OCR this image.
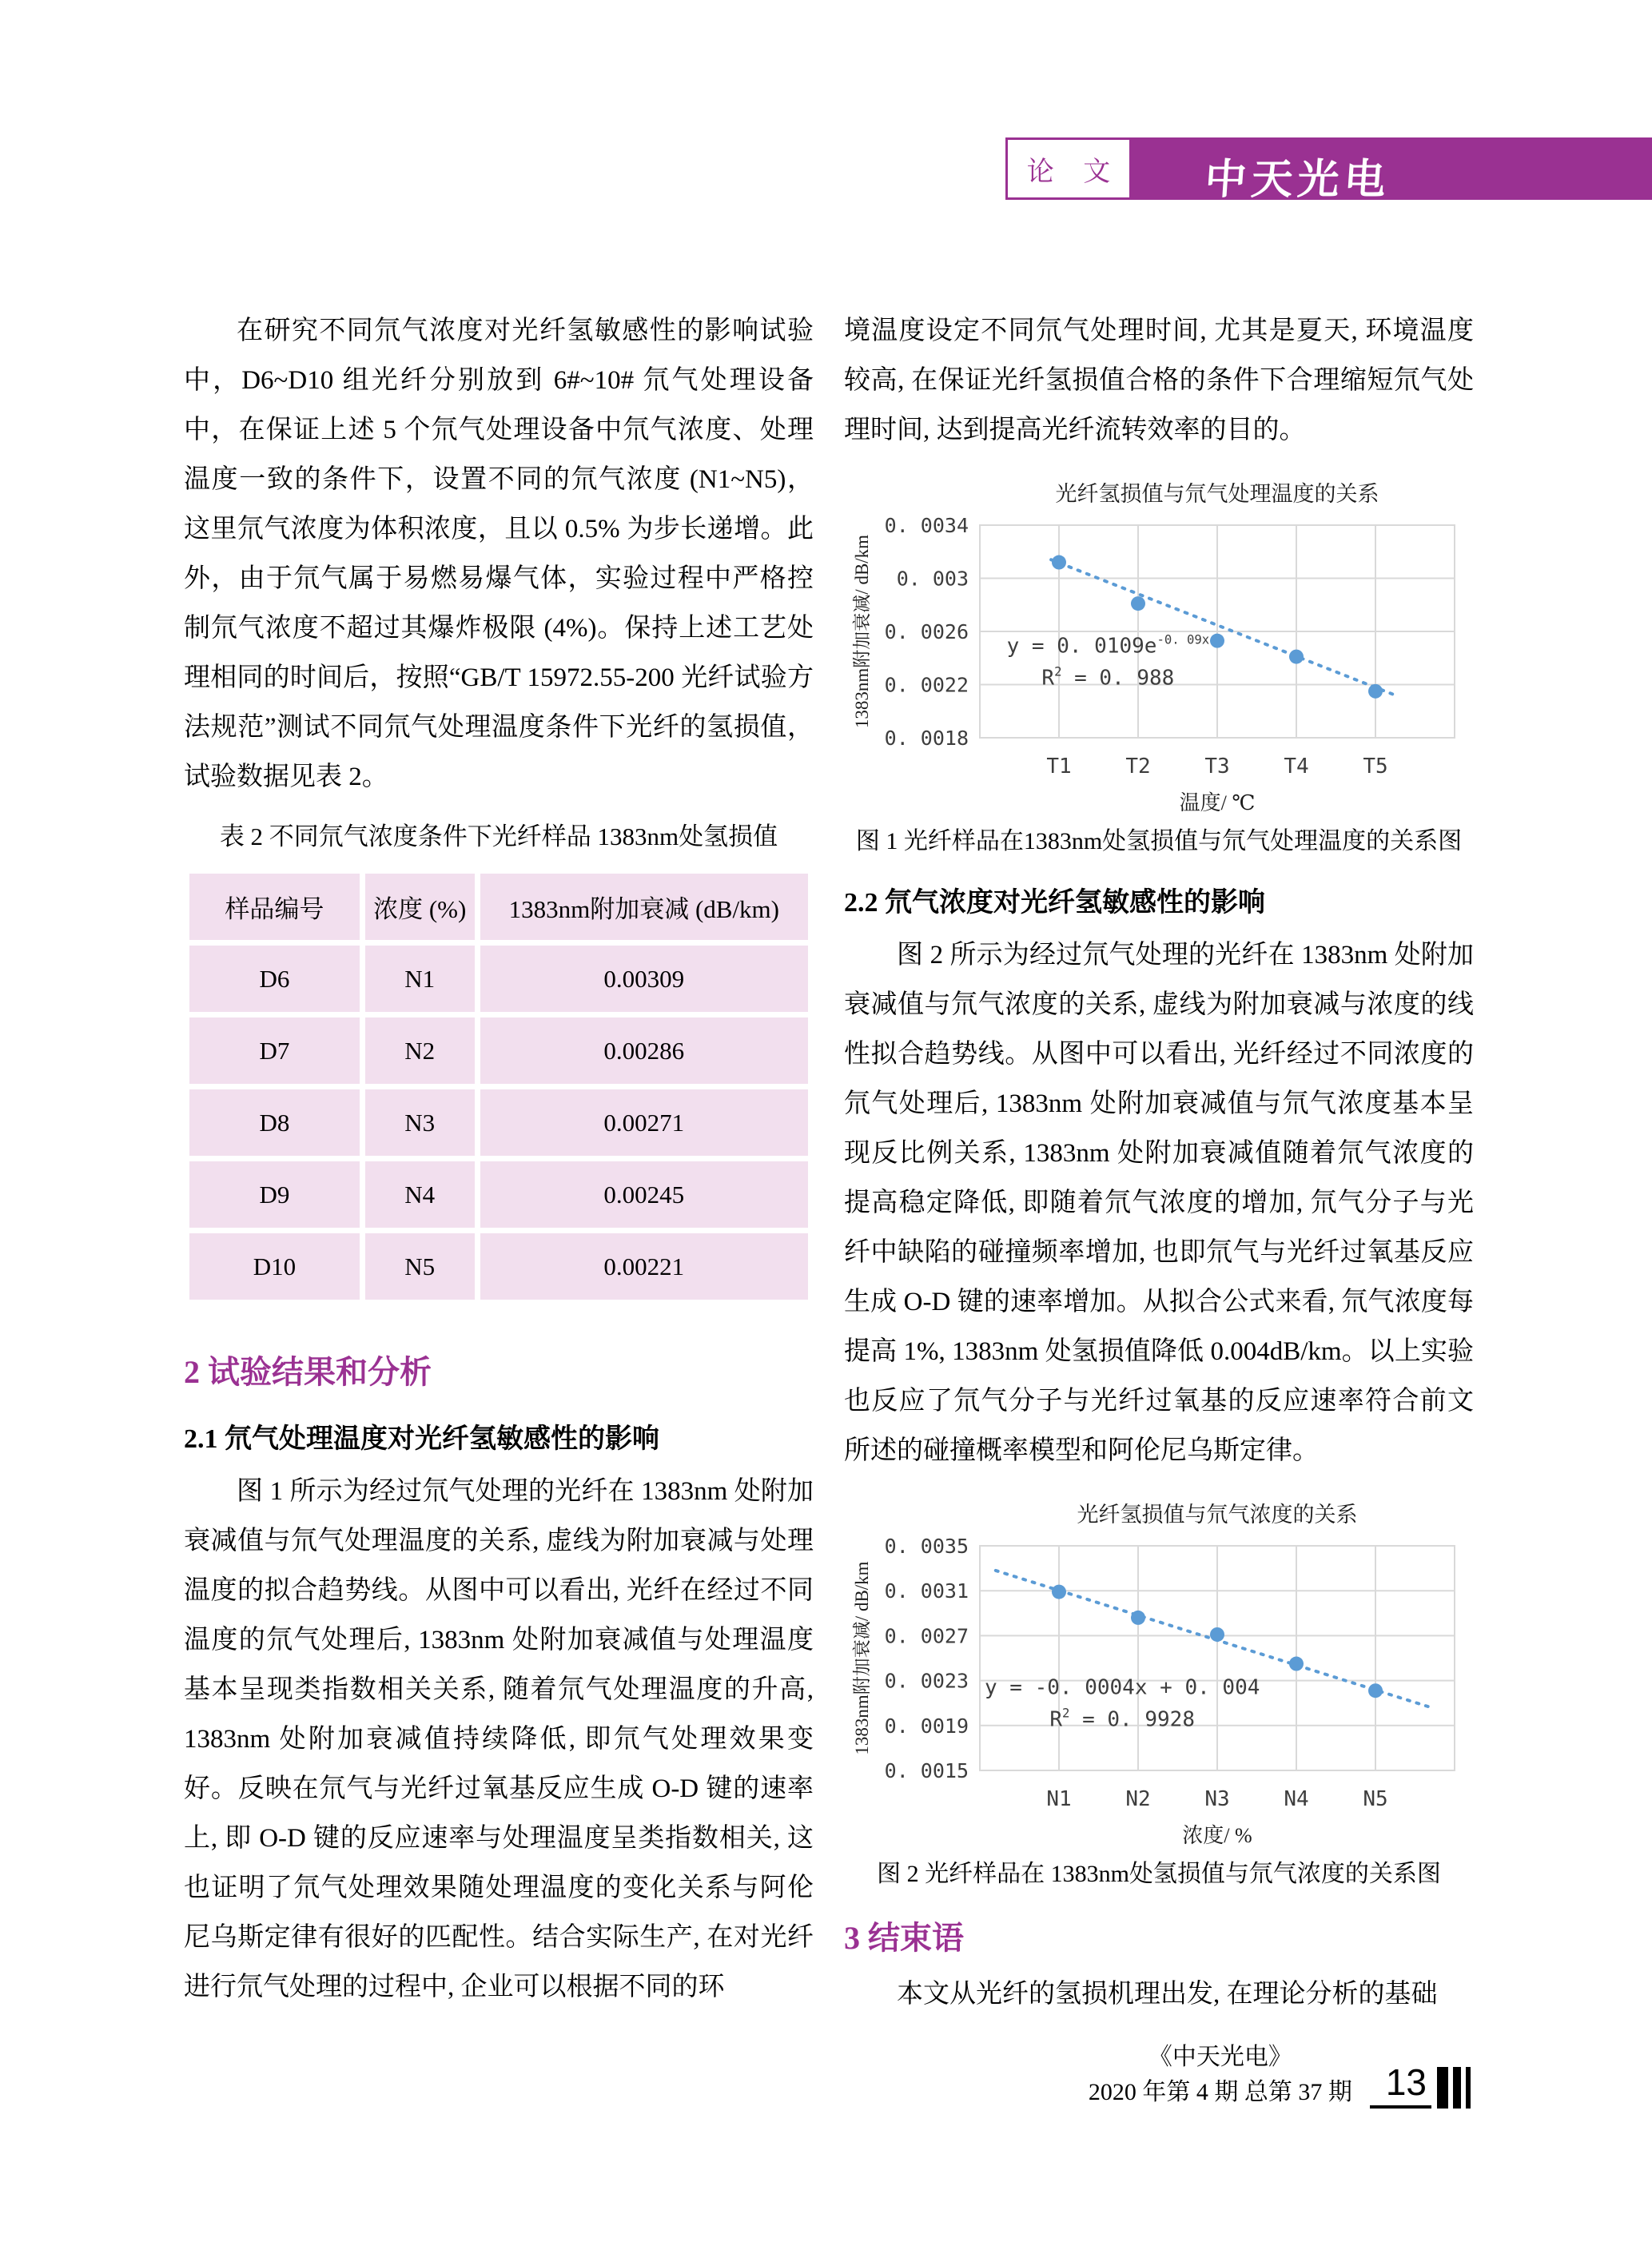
论 文 中天光电

在研究不同氘气浓度对光纤氢敏感性的影响试验中，D6~D10 组光纤分别放到 6#~10# 氘气处理设备中，在保证上述 5 个氘气处理设备中氘气浓度、处理温度一致的条件下，设置不同的氘气浓度 (N1~N5)，这里氘气浓度为体积浓度，且以 0.5% 为步长递增。此外，由于氘气属于易燃易爆气体，实验过程中严格控制氘气浓度不超过其爆炸极限 (4%)。保持上述工艺处理相同的时间后，按照“GB/T 15972.55-200 光纤试验方法规范”测试不同氘气处理温度条件下光纤的氢损值，试验数据见表 2。

表 2 不同氘气浓度条件下光纤样品 1383nm处氢损值
样品编号	浓度 (%)	1383nm附加衰减 (dB/km)
D6	N1	0.00309
D7	N2	0.00286
D8	N3	0.00271
D9	N4	0.00245
D10	N5	0.00221
2 试验结果和分析
2.1 氘气处理温度对光纤氢敏感性的影响

图 1 所示为经过氘气处理的光纤在 1383nm 处附加衰减值与氘气处理温度的关系, 虚线为附加衰减与处理温度的拟合趋势线。从图中可以看出, 光纤在经过不同温度的氘气处理后, 1383nm 处附加衰减值与处理温度基本呈现类指数相关关系, 随着氘气处理温度的升高, 1383nm 处附加衰减值持续降低, 即氘气处理效果变好。反映在氘气与光纤过氧基反应生成 O-D 键的速率上, 即 O-D 键的反应速率与处理温度呈类指数相关, 这也证明了氘气处理效果随处理温度的变化关系与阿伦尼乌斯定律有很好的匹配性。结合实际生产, 在对光纤进行氘气处理的过程中, 企业可以根据不同的环

境温度设定不同氘气处理时间, 尤其是夏天, 环境温度较高, 在保证光纤氢损值合格的条件下合理缩短氘气处理时间, 达到提高光纤流转效率的目的。

光纤氢损值与氘气处理温度的关系
0. 0034
0. 003
0. 0026
0. 0022
0. 0018
T1	T2	T3	T4	T5
温度/ ℃
1383nm附加衰减/ dB/km	y = 0. $0109e^{-0. 09x}$
$R^2 = 0$. 988
图 1 光纤样品在1383nm处氢损值与氘气处理温度的关系图
2.2 氘气浓度对光纤氢敏感性的影响

图 2 所示为经过氘气处理的光纤在 1383nm 处附加衰减值与氘气浓度的关系, 虚线为附加衰减与浓度的线性拟合趋势线。从图中可以看出, 光纤经过不同浓度的氘气处理后, 1383nm 处附加衰减值与氘气浓度基本呈现反比例关系, 1383nm 处附加衰减值随着氘气浓度的提高稳定降低, 即随着氘气浓度的增加, 氘气分子与光纤中缺陷的碰撞频率增加, 也即氘气与光纤过氧基反应生成 O-D 键的速率增加。从拟合公式来看, 氘气浓度每提高 1%, 1383nm 处氢损值降低 0.004dB/km。以上实验也反应了氘气分子与光纤过氧基的反应速率符合前文所述的碰撞概率模型和阿伦尼乌斯定律。

光纤氢损值与氘气浓度的关系
0. 0035
0. 0031
0. 0027
0. 0023
0. 0019
0. 0015
N1	N2	N3	N4	N5
浓度/ %
1383nm附加衰减/ dB/km	y = -0. 0004x + 0. 004
$R^2 = 0$. 9928
图 2 光纤样品在 1383nm处氢损值与氘气浓度的关系图
3 结束语

本文从光纤的氢损机理出发, 在理论分析的基础

《中天光电》
2020 年第 4 期 总第 37 期 13
